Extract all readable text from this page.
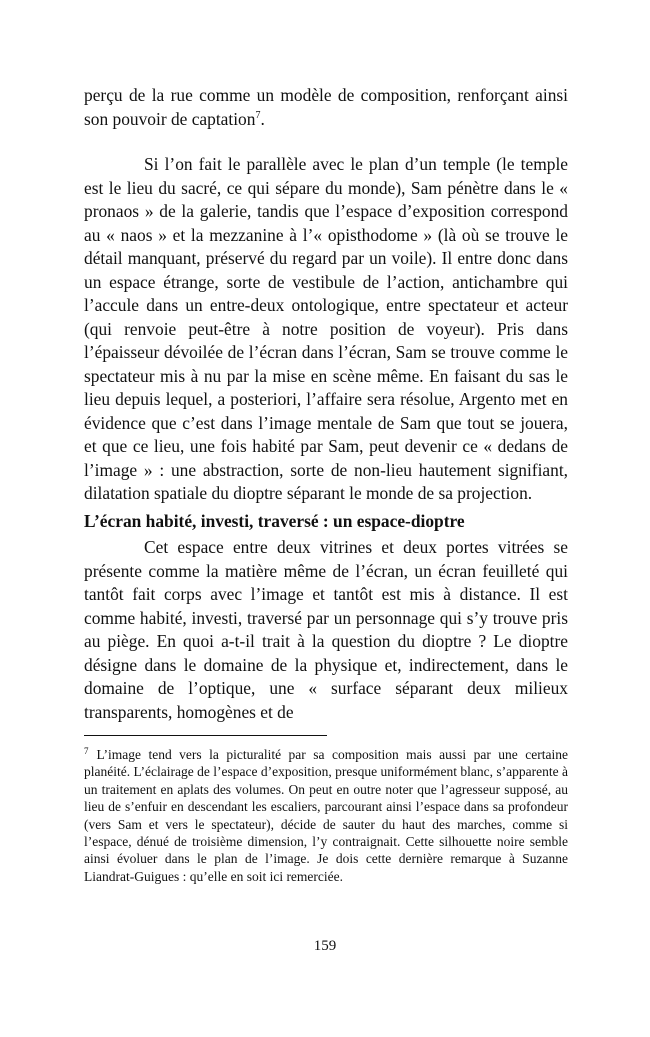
perçu de la rue comme un modèle de composition, renforçant ainsi son pouvoir de captation$^7$.

Si l’on fait le parallèle avec le plan d’un temple (le temple est le lieu du sacré, ce qui sépare du monde), Sam pénètre dans le « pronaos » de la galerie, tandis que l’espace d’exposition correspond au « naos » et la mezzanine à l’« opisthodome » (là où se trouve le détail manquant, préservé du regard par un voile). Il entre donc dans un espace étrange, sorte de vestibule de l’action, antichambre qui l’accule dans un entre-deux ontologique, entre spectateur et acteur (qui renvoie peut-être à notre position de voyeur). Pris dans l’épaisseur dévoilée de l’écran dans l’écran, Sam se trouve comme le spectateur mis à nu par la mise en scène même. En faisant du sas le lieu depuis lequel, a posteriori, l’affaire sera résolue, Argento met en évidence que c’est dans l’image mentale de Sam que tout se jouera, et que ce lieu, une fois habité par Sam, peut devenir ce « dedans de l’image » : une abstraction, sorte de non-lieu hautement signifiant, dilatation spatiale du dioptre séparant le monde de sa projection.

L’écran habité, investi, traversé : un espace-dioptre

Cet espace entre deux vitrines et deux portes vitrées se présente comme la matière même de l’écran, un écran feuilleté qui tantôt fait corps avec l’image et tantôt est mis à distance. Il est comme habité, investi, traversé par un personnage qui s’y trouve pris au piège. En quoi a-t-il trait à la question du dioptre ? Le dioptre désigne dans le domaine de la physique et, indirectement, dans le domaine de l’optique, une « surface séparant deux milieux transparents, homogènes et de

$^7$ L’image tend vers la picturalité par sa composition mais aussi par une certaine planéité. L’éclairage de l’espace d’exposition, presque uniformément blanc, s’apparente à un traitement en aplats des volumes. On peut en outre noter que l’agresseur supposé, au lieu de s’enfuir en descendant les escaliers, parcourant ainsi l’espace dans sa profondeur (vers Sam et vers le spectateur), décide de sauter du haut des marches, comme si l’espace, dénué de troisième dimension, l’y contraignait. Cette silhouette noire semble ainsi évoluer dans le plan de l’image. Je dois cette dernière remarque à Suzanne Liandrat-Guigues : qu’elle en soit ici remerciée.

159
